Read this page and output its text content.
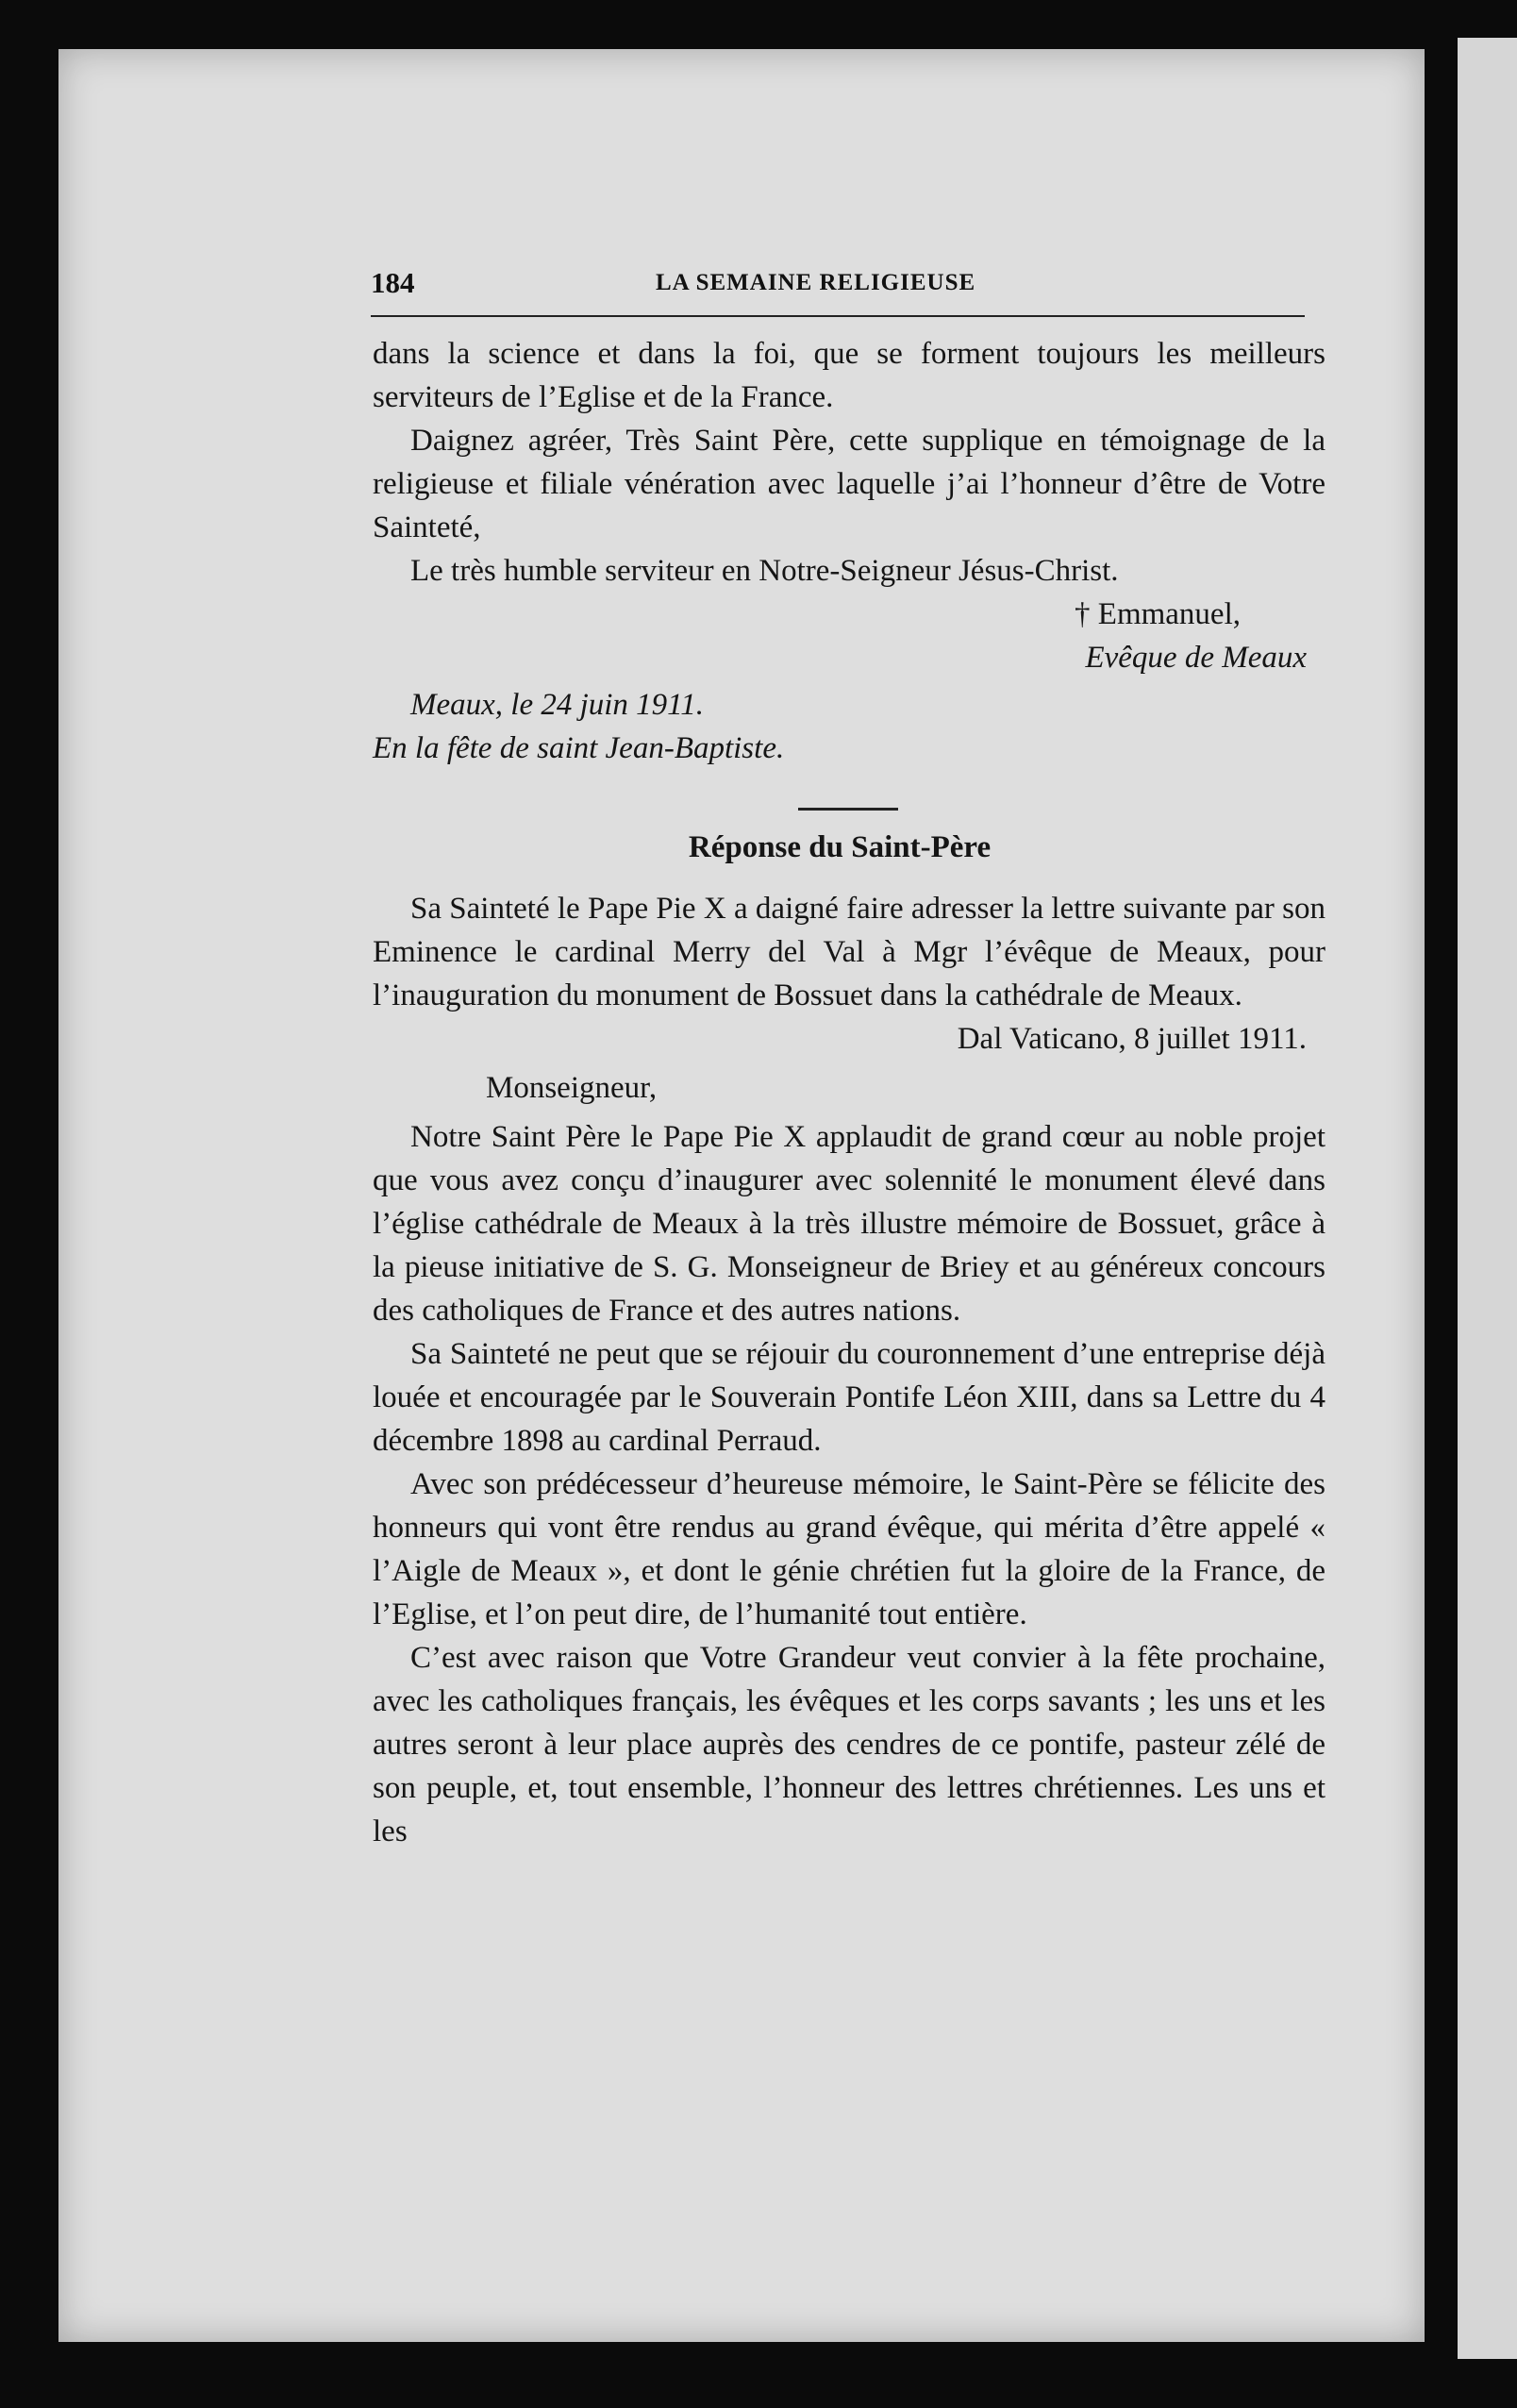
184	LA SEMAINE RELIGIEUSE

dans la science et dans la foi, que se forment toujours les meilleurs serviteurs de l’Eglise et de la France.

Daignez agréer, Très Saint Père, cette supplique en témoignage de la religieuse et filiale vénération avec laquelle j’ai l’honneur d’être de Votre Sainteté,

Le très humble serviteur en Notre-Seigneur Jésus-Christ.

† Emmanuel,

Evêque de Meaux

Meaux, le 24 juin 1911.

En la fête de saint Jean-Baptiste.

Réponse du Saint-Père

Sa Sainteté le Pape Pie X a daigné faire adresser la lettre suivante par son Eminence le cardinal Merry del Val à Mgr l’évêque de Meaux, pour l’inauguration du monument de Bossuet dans la cathédrale de Meaux.

Dal Vaticano, 8 juillet 1911.

Monseigneur,

Notre Saint Père le Pape Pie X applaudit de grand cœur au noble projet que vous avez conçu d’inaugurer avec solennité le monument élevé dans l’église cathédrale de Meaux à la très illustre mémoire de Bossuet, grâce à la pieuse initiative de S. G. Monseigneur de Briey et au généreux concours des catholiques de France et des autres nations.

Sa Sainteté ne peut que se réjouir du couronnement d’une entreprise déjà louée et encouragée par le Souverain Pontife Léon XIII, dans sa Lettre du 4 décembre 1898 au cardinal Perraud.

Avec son prédécesseur d’heureuse mémoire, le Saint-Père se félicite des honneurs qui vont être rendus au grand évêque, qui mérita d’être appelé « l’Aigle de Meaux », et dont le génie chrétien fut la gloire de la France, de l’Eglise, et l’on peut dire, de l’humanité tout entière.

C’est avec raison que Votre Grandeur veut convier à la fête prochaine, avec les catholiques français, les évêques et les corps savants ; les uns et les autres seront à leur place auprès des cendres de ce pontife, pasteur zélé de son peuple, et, tout ensemble, l’honneur des lettres chrétiennes. Les uns et les
